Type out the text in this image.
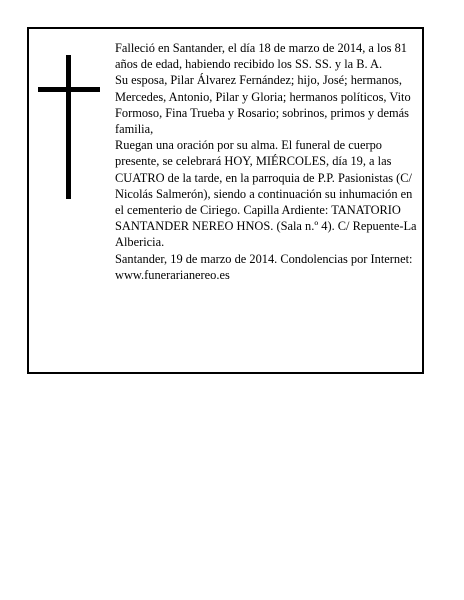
Falleció en Santander, el día 18 de marzo de 2014, a los 81 años de edad, habiendo recibido los SS. SS. y la B. A.

Su esposa, Pilar Álvarez Fernández; hijo, José; hermanos, Mercedes, Antonio, Pilar y Gloria; hermanos políticos, Vito Formoso, Fina Trueba y Rosario; sobrinos, primos y demás familia,

Ruegan una oración por su alma. El funeral de cuerpo presente, se celebrará HOY, MIÉRCOLES, día 19, a las CUATRO de la tarde, en la parroquia de P.P. Pasionistas (C/ Nicolás Salmerón), siendo a continuación su inhumación en el cementerio de Ciriego. Capilla Ardiente: TANATORIO SANTANDER NEREO HNOS. (Sala n.º 4). C/ Repuente-La Albericia.

Santander, 19 de marzo de 2014. Condolencias por Internet: www.funerarianereo.es
